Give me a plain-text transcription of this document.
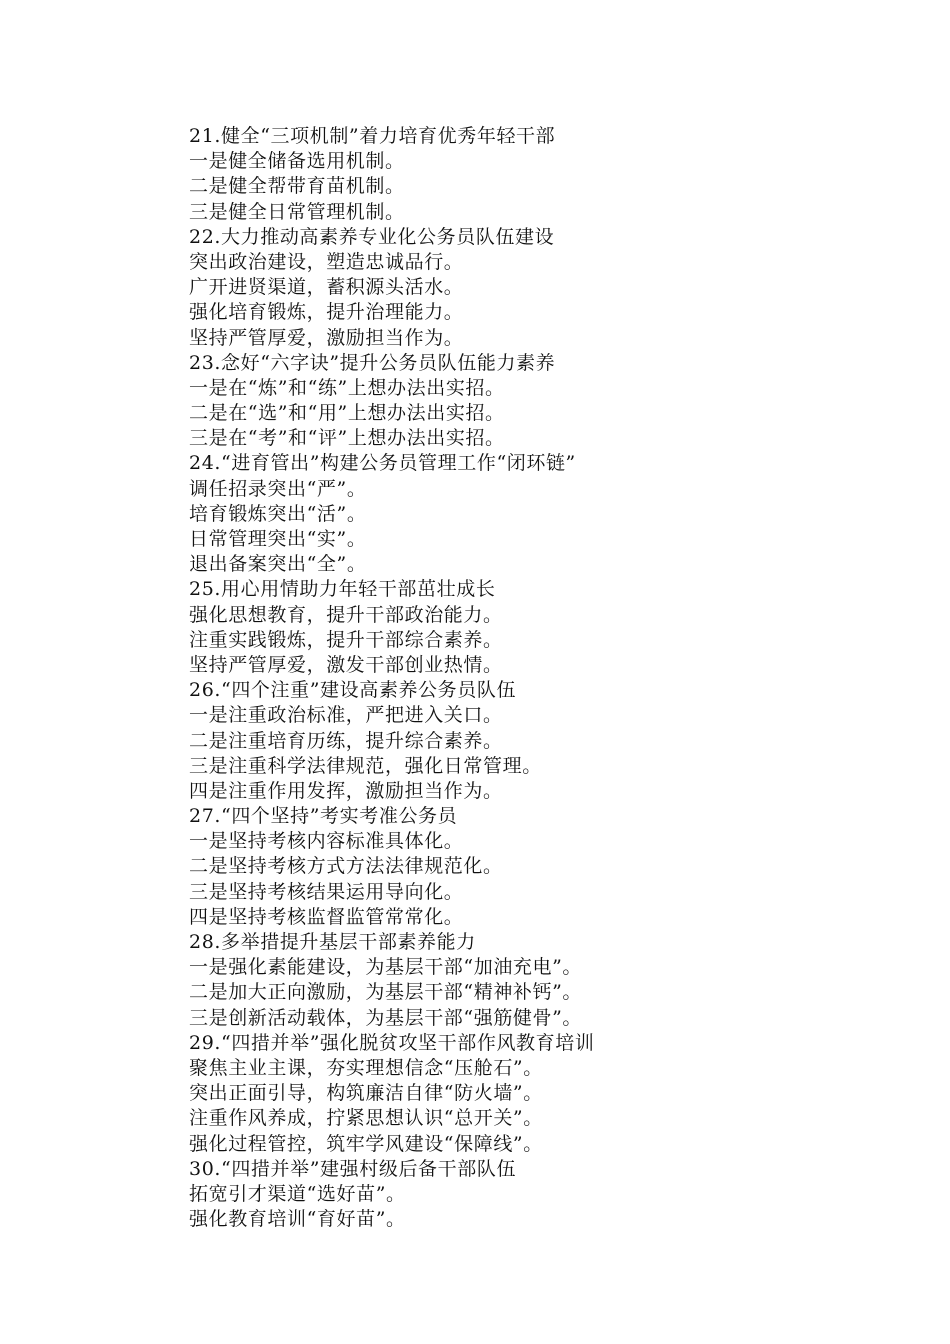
21.健全“三项机制”着力培育优秀年轻干部
一是健全储备选用机制。
二是健全帮带育苗机制。
三是健全日常管理机制。
22.大力推动高素养专业化公务员队伍建设
突出政治建设，塑造忠诚品行。
广开进贤渠道，蓄积源头活水。
强化培育锻炼，提升治理能力。
坚持严管厚爱，激励担当作为。
23.念好“六字诀”提升公务员队伍能力素养
一是在“炼”和“练”上想办法出实招。
二是在“选”和“用”上想办法出实招。
三是在“考”和“评”上想办法出实招。
24.“进育管出”构建公务员管理工作“闭环链”
调任招录突出“严”。
培育锻炼突出“活”。
日常管理突出“实”。
退出备案突出“全”。
25.用心用情助力年轻干部茁壮成长
强化思想教育，提升干部政治能力。
注重实践锻炼，提升干部综合素养。
坚持严管厚爱，激发干部创业热情。
26.“四个注重”建设高素养公务员队伍
一是注重政治标准，严把进入关口。
二是注重培育历练，提升综合素养。
三是注重科学法律规范，强化日常管理。
四是注重作用发挥，激励担当作为。
27.“四个坚持”考实考准公务员
一是坚持考核内容标准具体化。
二是坚持考核方式方法法律规范化。
三是坚持考核结果运用导向化。
四是坚持考核监督监管常常化。
28.多举措提升基层干部素养能力
一是强化素能建设，为基层干部“加油充电”。
二是加大正向激励，为基层干部“精神补钙”。
三是创新活动载体，为基层干部“强筋健骨”。
29.“四措并举”强化脱贫攻坚干部作风教育培训
聚焦主业主课，夯实理想信念“压舱石”。
突出正面引导，构筑廉洁自律“防火墙”。
注重作风养成，拧紧思想认识“总开关”。
强化过程管控，筑牢学风建设“保障线”。
30.“四措并举”建强村级后备干部队伍
拓宽引才渠道“选好苗”。
强化教育培训“育好苗”。
